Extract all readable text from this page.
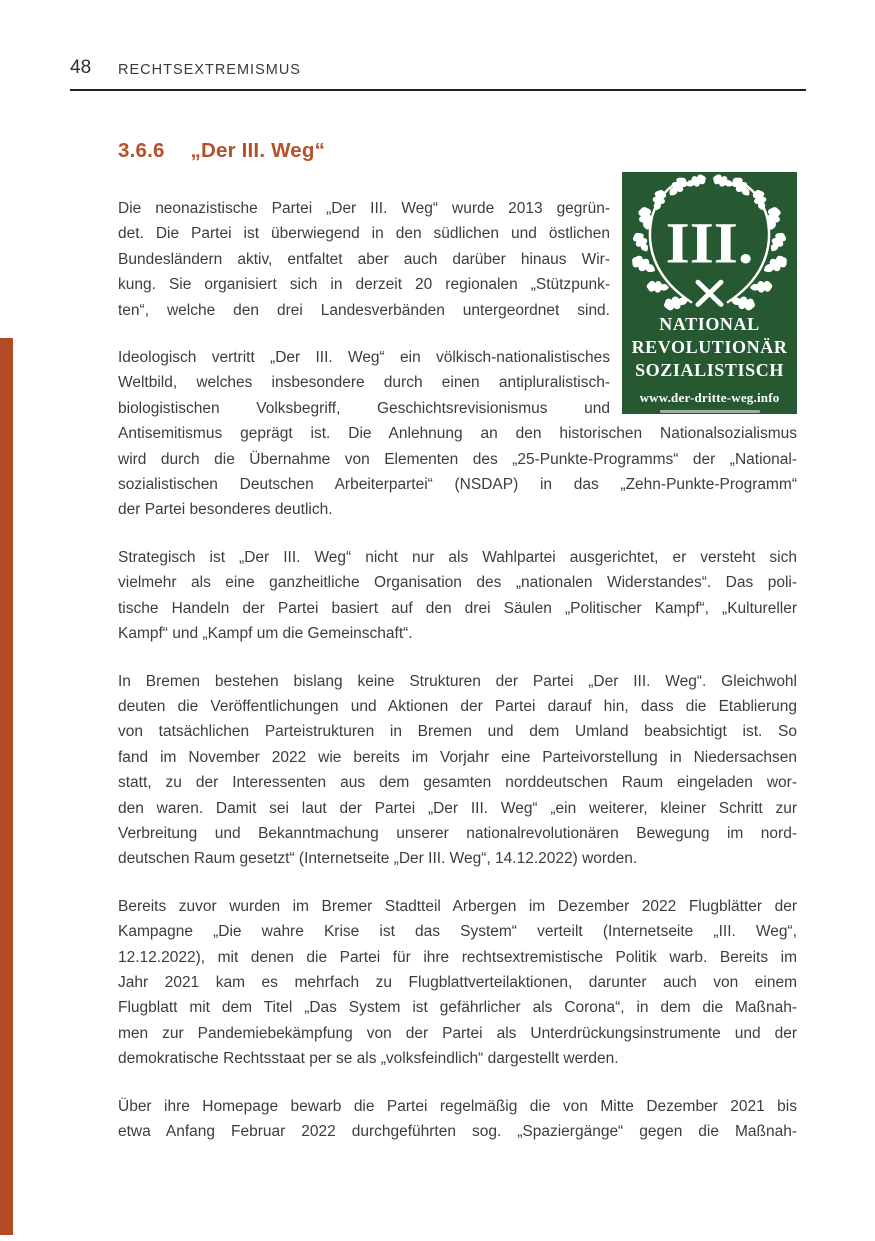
48 RECHTSEXTREMISMUS
3.6.6 „Der III. Weg“
III.
NATIONAL
REVOLUTIONÄR
SOZIALISTISCH
www.der-dritte-weg.info
Die neonazistische Partei „Der III. Weg“ wurde 2013 gegrün-
det. Die Partei ist überwiegend in den südlichen und östlichen
Bundesländern aktiv, entfaltet aber auch darüber hinaus Wir-
kung. Sie organisiert sich in derzeit 20 regionalen „Stützpunk-
ten“, welche den drei Landesverbänden untergeordnet sind.
Ideologisch vertritt „Der III. Weg“ ein völkisch-nationalistisches
Weltbild, welches insbesondere durch einen antipluralistisch-
biologistischen Volksbegriff, Geschichtsrevisionismus und
Antisemitismus geprägt ist. Die Anlehnung an den historischen Nationalsozialismus
wird durch die Übernahme von Elementen des „25-Punkte-Programms“ der „National-
sozialistischen Deutschen Arbeiterpartei“ (NSDAP) in das „Zehn-Punkte-Programm“
der Partei besonderes deutlich.
Strategisch ist „Der III. Weg“ nicht nur als Wahlpartei ausgerichtet, er versteht sich
vielmehr als eine ganzheitliche Organisation des „nationalen Widerstandes“. Das poli-
tische Handeln der Partei basiert auf den drei Säulen „Politischer Kampf“, „Kultureller
Kampf“ und „Kampf um die Gemeinschaft“.
In Bremen bestehen bislang keine Strukturen der Partei „Der III. Weg“. Gleichwohl
deuten die Veröffentlichungen und Aktionen der Partei darauf hin, dass die Etablierung
von tatsächlichen Parteistrukturen in Bremen und dem Umland beabsichtigt ist. So
fand im November 2022 wie bereits im Vorjahr eine Parteivorstellung in Niedersachsen
statt, zu der Interessenten aus dem gesamten norddeutschen Raum eingeladen wor-
den waren. Damit sei laut der Partei „Der III. Weg“ „ein weiterer, kleiner Schritt zur
Verbreitung und Bekanntmachung unserer nationalrevolutionären Bewegung im nord-
deutschen Raum gesetzt“ (Internetseite „Der III. Weg“, 14.12.2022) worden.
Bereits zuvor wurden im Bremer Stadtteil Arbergen im Dezember 2022 Flugblätter der
Kampagne „Die wahre Krise ist das System“ verteilt (Internetseite „III. Weg“,
12.12.2022), mit denen die Partei für ihre rechtsextremistische Politik warb. Bereits im
Jahr 2021 kam es mehrfach zu Flugblattverteilaktionen, darunter auch von einem
Flugblatt mit dem Titel „Das System ist gefährlicher als Corona“, in dem die Maßnah-
men zur Pandemiebekämpfung von der Partei als Unterdrückungsinstrumente und der
demokratische Rechtsstaat per se als „volksfeindlich“ dargestellt werden.
Über ihre Homepage bewarb die Partei regelmäßig die von Mitte Dezember 2021 bis
etwa Anfang Februar 2022 durchgeführten sog. „Spaziergänge“ gegen die Maßnah-
